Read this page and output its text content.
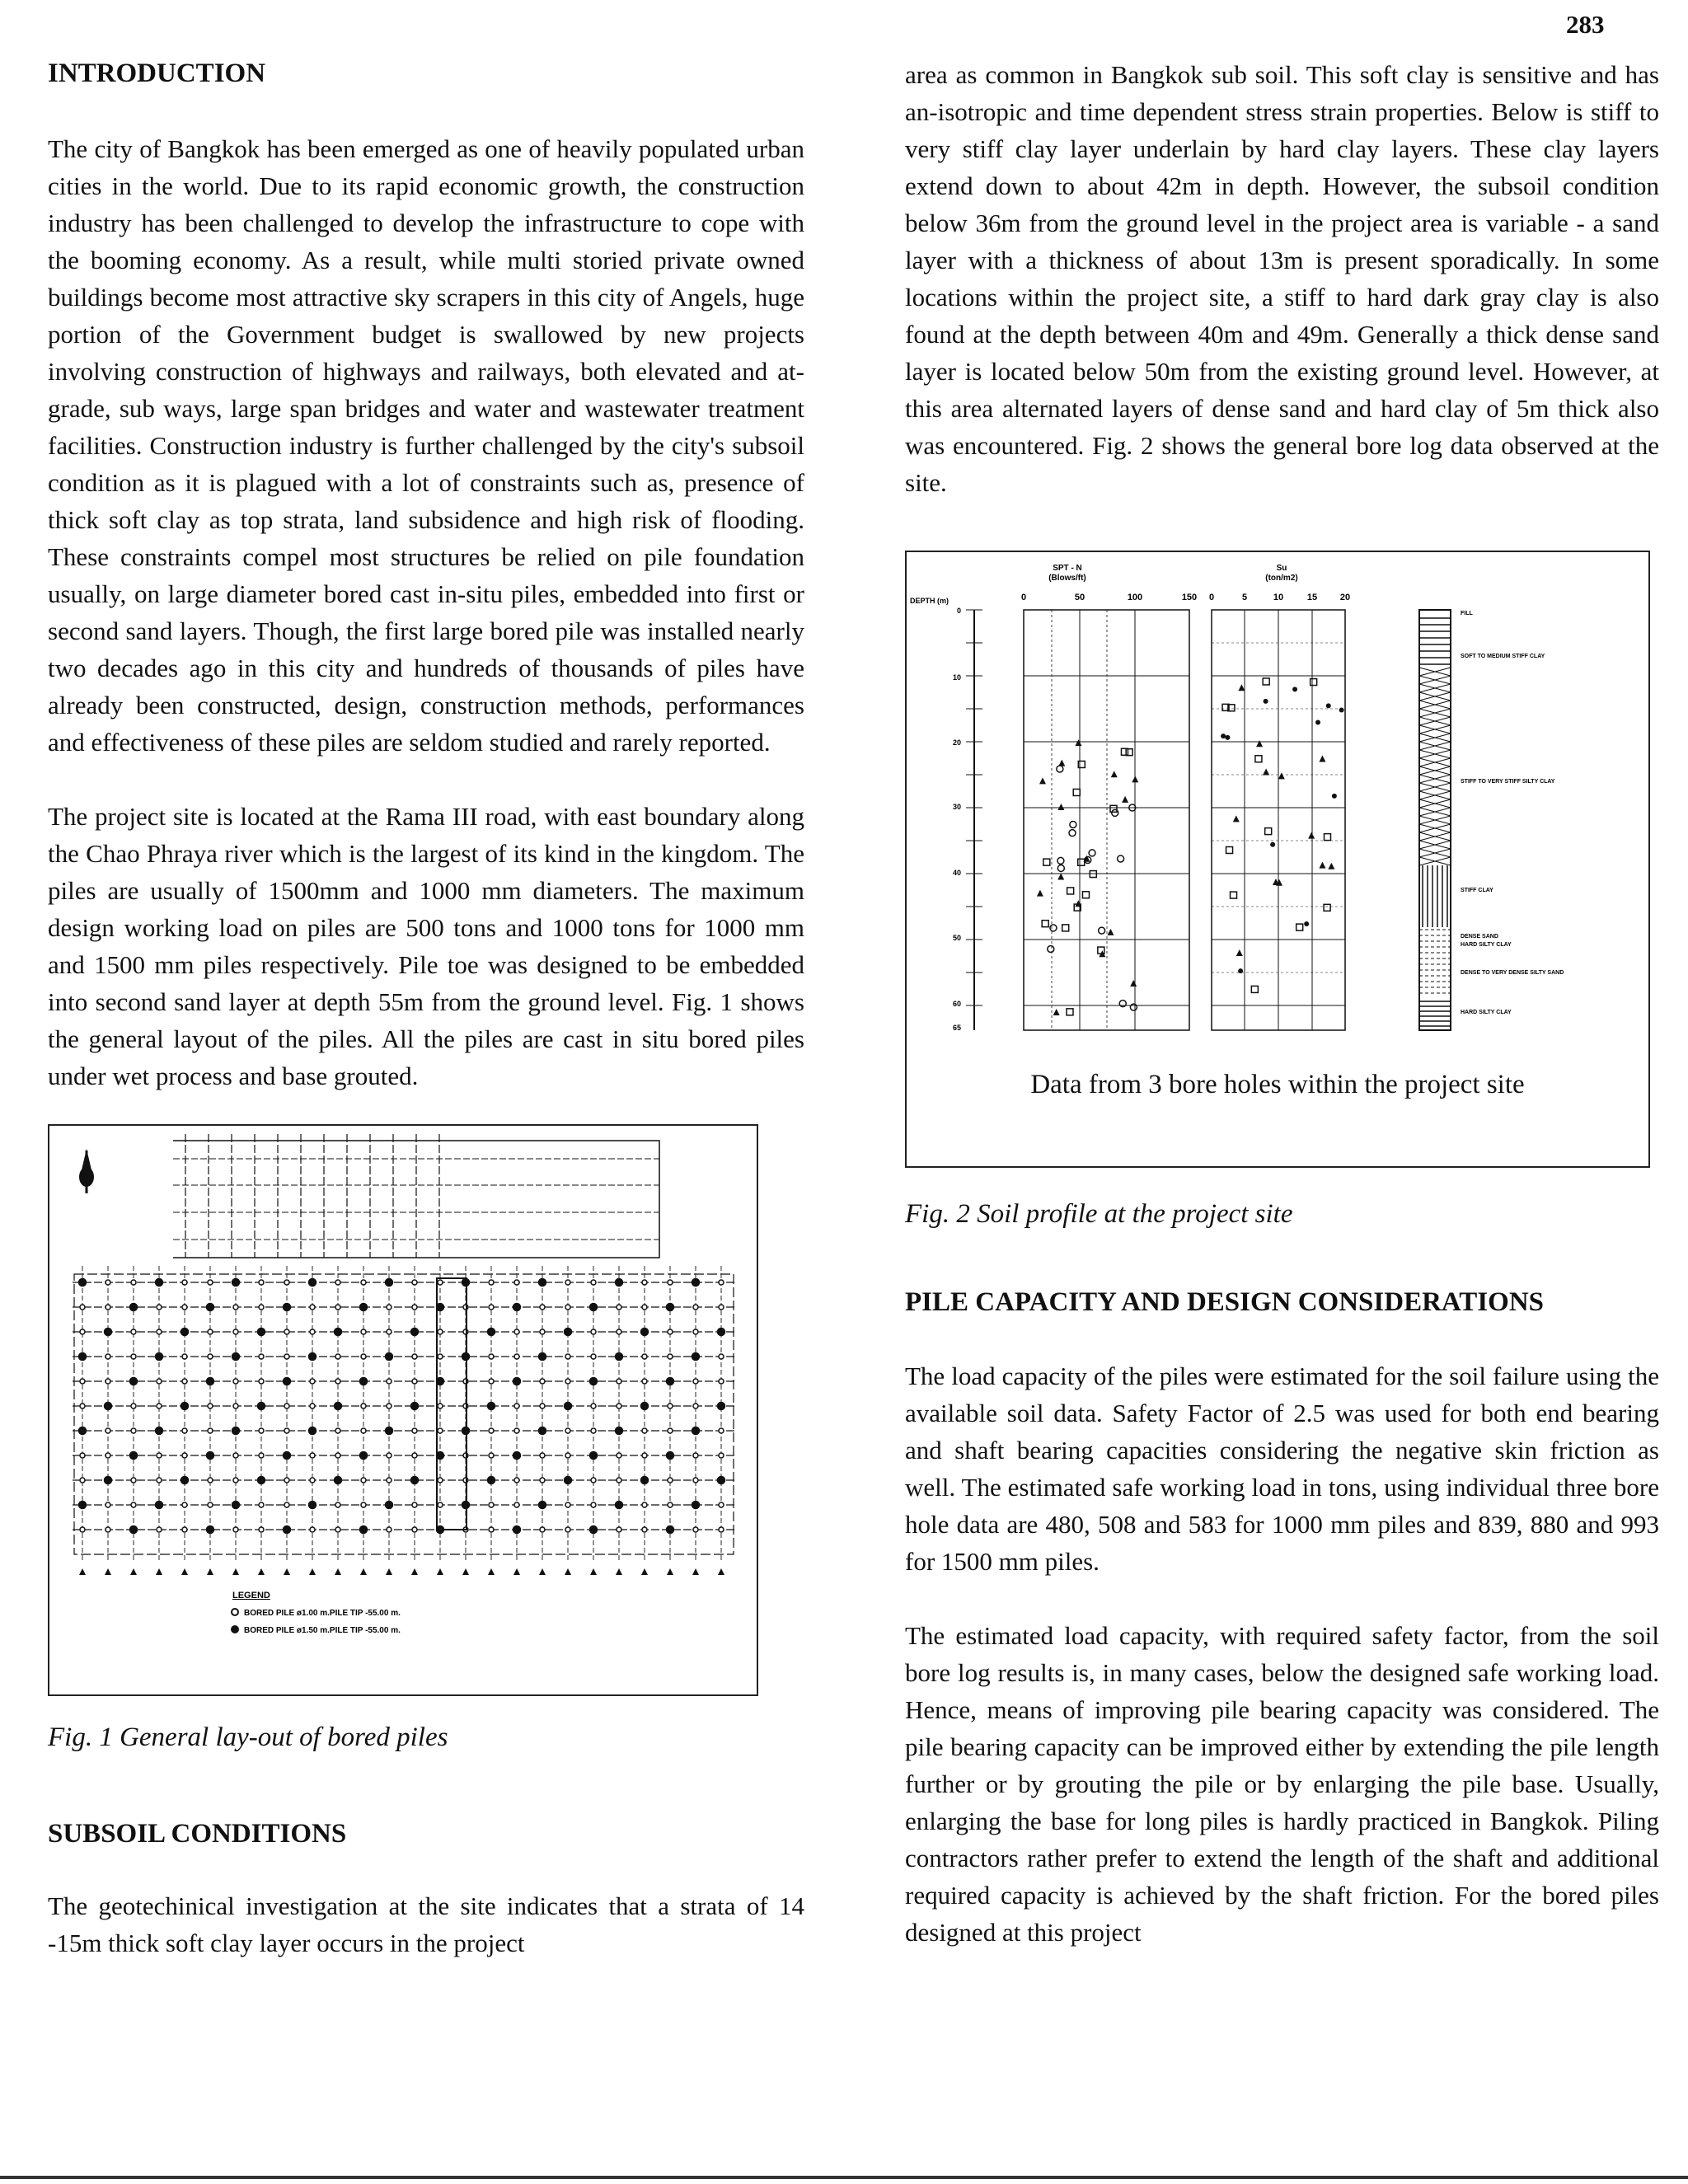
283
INTRODUCTION

The city of Bangkok has been emerged as one of heavily populated urban cities in the world. Due to its rapid economic growth, the construction industry has been challenged to develop the infrastructure to cope with the booming economy. As a result, while multi storied private owned buildings become most attractive sky scrapers in this city of Angels, huge portion of the Government budget is swallowed by new projects involving construction of highways and railways, both elevated and at-grade, sub ways, large span bridges and water and wastewater treatment facilities. Construction industry is further challenged by the city's subsoil condition as it is plagued with a lot of constraints such as, presence of thick soft clay as top strata, land subsidence and high risk of flooding. These constraints compel most structures be relied on pile foundation usually, on large diameter bored cast in-situ piles, embedded into first or second sand layers. Though, the first large bored pile was installed nearly two decades ago in this city and hundreds of thousands of piles have already been constructed, design, construction methods, performances and effectiveness of these piles are seldom studied and rarely reported.

The project site is located at the Rama III road, with east boundary along the Chao Phraya river which is the largest of its kind in the kingdom. The piles are usually of 1500mm and 1000 mm diameters. The maximum design working load on piles are 500 tons and 1000 tons for 1000 mm and 1500 mm piles respectively. Pile toe was designed to be embedded into second sand layer at depth 55m from the ground level. Fig. 1 shows the general layout of the piles. All the piles are cast in situ bored piles under wet process and base grouted.

LEGEND
BORED PILE ø1.00 m.PILE TIP -55.00 m.
BORED PILE ø1.50 m.PILE TIP -55.00 m.

Fig. 1 General lay-out of bored piles

SUBSOIL CONDITIONS

The geotechinical investigation at the site indicates that a strata of 14 -15m thick soft clay layer occurs in the project

area as common in Bangkok sub soil. This soft clay is sensitive and has an-isotropic and time dependent stress strain properties. Below is stiff to very stiff clay layer underlain by hard clay layers. These clay layers extend down to about 42m in depth. However, the subsoil condition below 36m from the ground level in the project area is variable - a sand layer with a thickness of about 13m is present sporadically. In some locations within the project site, a stiff to hard dark gray clay is also found at the depth between 40m and 49m. Generally a thick dense sand layer is located below 50m from the existing ground level. However, at this area alternated layers of dense sand and hard clay of 5m thick also was encountered. Fig. 2 shows the general bore log data observed at the site.

SPT - N
(Blows/ft)
Su
(ton/m2)
DEPTH (m)	0	50	100	150 0	5	10	15	20
0
10
20
30
40
50
60
65
FILL
SOFT TO MEDIUM STIFF CLAY
STIFF TO VERY STIFF SILTY CLAY
STIFF CLAY
DENSE SAND
HARD SILTY CLAY
DENSE TO VERY DENSE SILTY SAND
HARD SILTY CLAY
Data from 3 bore holes within the project site

Fig. 2 Soil profile at the project site

PILE CAPACITY AND DESIGN CONSIDERATIONS

The load capacity of the piles were estimated for the soil failure using the available soil data. Safety Factor of 2.5 was used for both end bearing and shaft bearing capacities considering the negative skin friction as well. The estimated safe working load in tons, using individual three bore hole data are 480, 508 and 583 for 1000 mm piles and 839, 880 and 993 for 1500 mm piles.

The estimated load capacity, with required safety factor, from the soil bore log results is, in many cases, below the designed safe working load. Hence, means of improving pile bearing capacity was considered. The pile bearing capacity can be improved either by extending the pile length further or by grouting the pile or by enlarging the pile base. Usually, enlarging the base for long piles is hardly practiced in Bangkok. Piling contractors rather prefer to extend the length of the shaft and additional required capacity is achieved by the shaft friction. For the bored piles designed at this project
